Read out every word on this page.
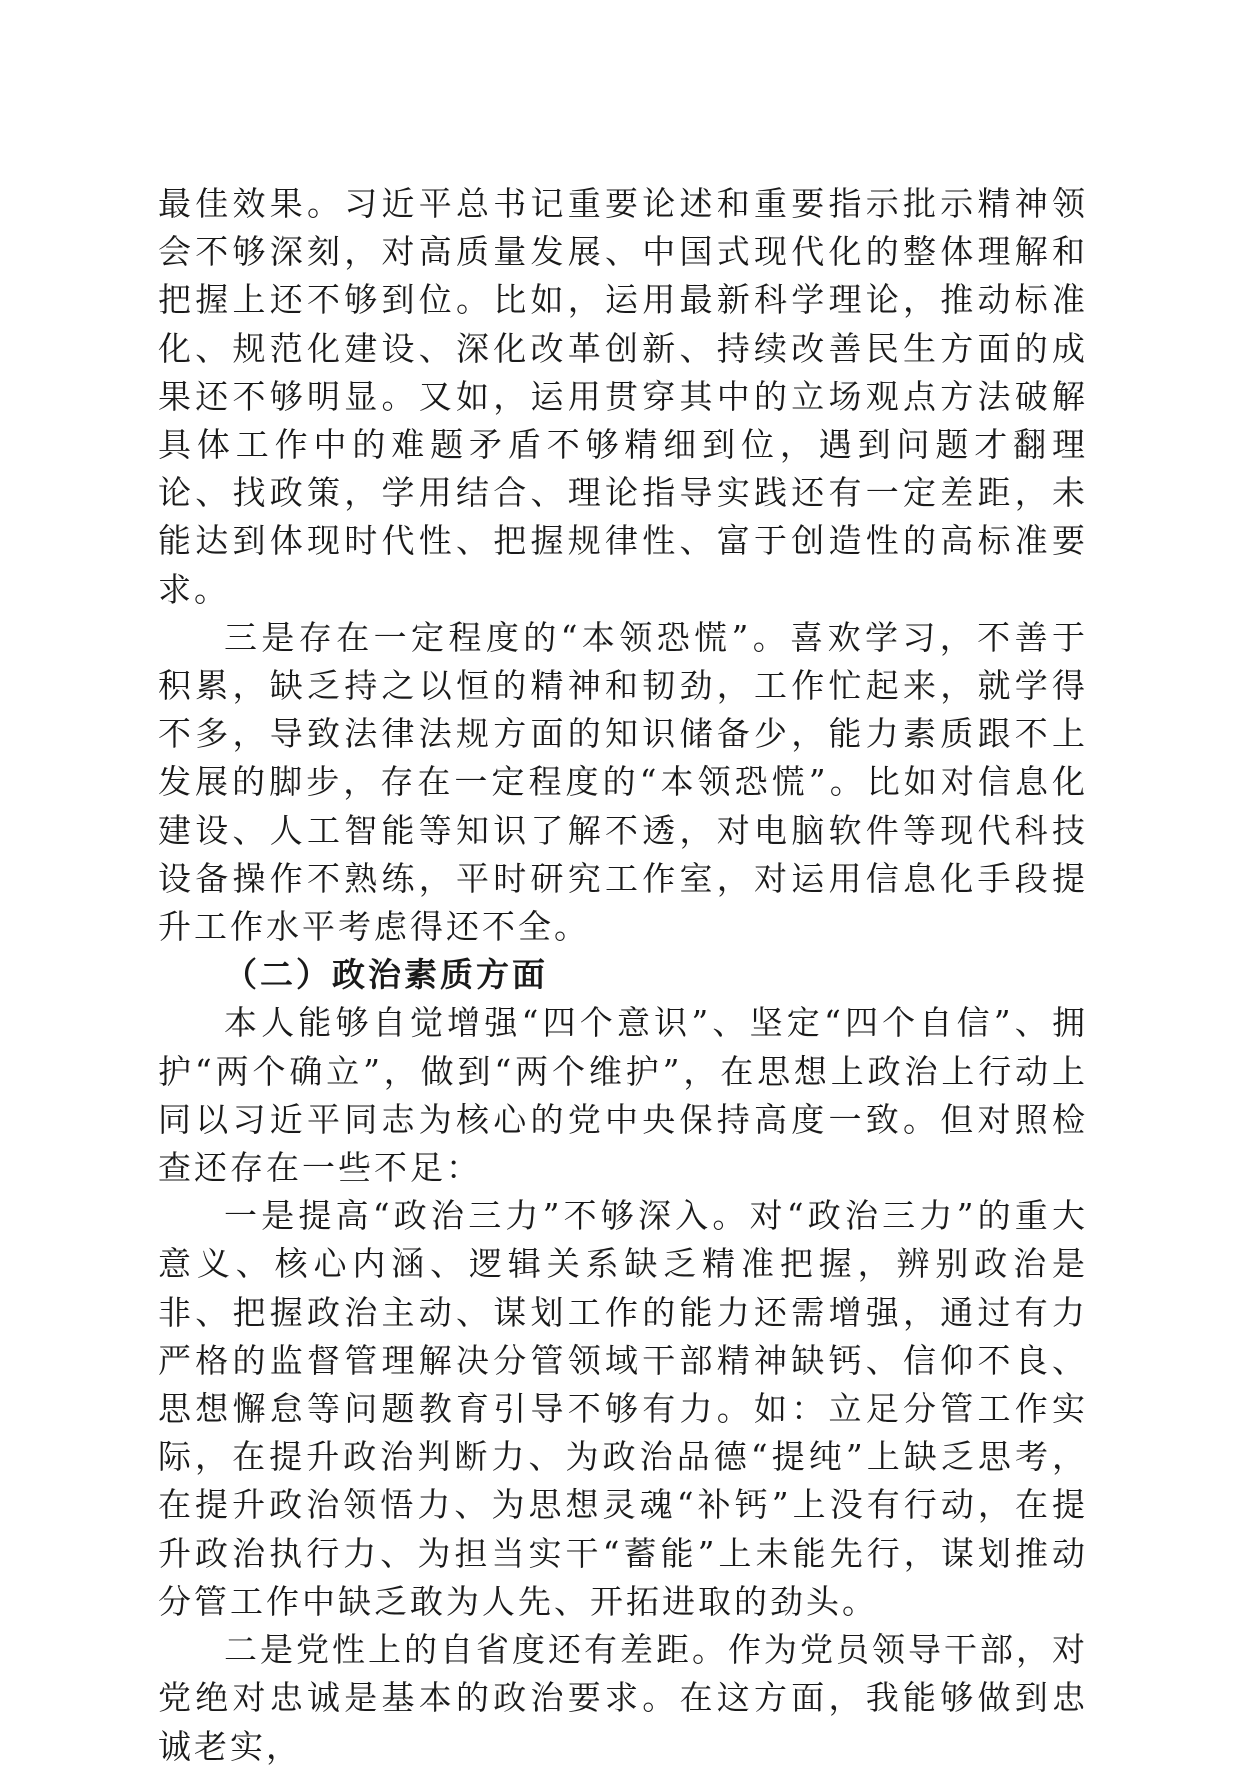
最佳效果。习近平总书记重要论述和重要指示批示精神领会不够深刻，对高质量发展、中国式现代化的整体理解和把握上还不够到位。比如，运用最新科学理论，推动标准化、规范化建设、深化改革创新、持续改善民生方面的成果还不够明显。又如，运用贯穿其中的立场观点方法破解具体工作中的难题矛盾不够精细到位，遇到问题才翻理论、找政策，学用结合、理论指导实践还有一定差距，未能达到体现时代性、把握规律性、富于创造性的高标准要求。

三是存在一定程度的“本领恐慌”。喜欢学习，不善于积累，缺乏持之以恒的精神和韧劲，工作忙起来，就学得不多，导致法律法规方面的知识储备少，能力素质跟不上发展的脚步，存在一定程度的“本领恐慌”。比如对信息化建设、人工智能等知识了解不透，对电脑软件等现代科技设备操作不熟练，平时研究工作室，对运用信息化手段提升工作水平考虑得还不全。

（二）政治素质方面

本人能够自觉增强“四个意识”、坚定“四个自信”、拥护“两个确立”，做到“两个维护”，在思想上政治上行动上同以习近平同志为核心的党中央保持高度一致。但对照检查还存在一些不足：

一是提高“政治三力”不够深入。对“政治三力”的重大意义、核心内涵、逻辑关系缺乏精准把握，辨别政治是非、把握政治主动、谋划工作的能力还需增强，通过有力严格的监督管理解决分管领域干部精神缺钙、信仰不良、思想懈怠等问题教育引导不够有力。如：立足分管工作实际，在提升政治判断力、为政治品德“提纯”上缺乏思考，在提升政治领悟力、为思想灵魂“补钙”上没有行动，在提升政治执行力、为担当实干“蓄能”上未能先行，谋划推动分管工作中缺乏敢为人先、开拓进取的劲头。

二是党性上的自省度还有差距。作为党员领导干部，对党绝对忠诚是基本的政治要求。在这方面，我能够做到忠诚老实，
